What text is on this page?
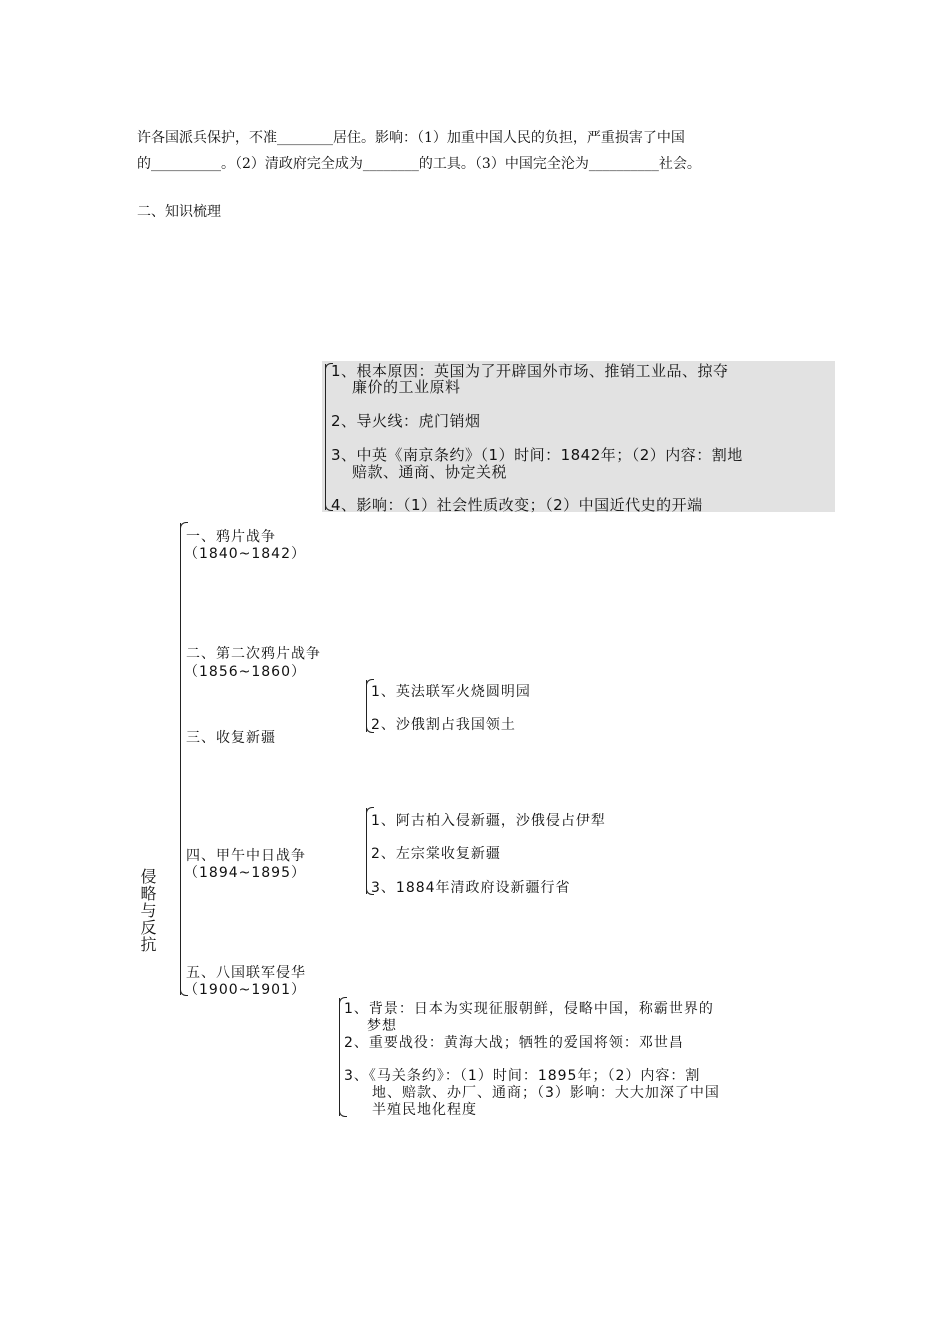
许各国派兵保护，不准________居住。影响：（1）加重中国人民的负担，严重损害了中国
的__________。（2）清政府完全成为________的工具。（3）中国完全沦为__________社会。
二、知识梳理
1、根本原因：英国为了开辟国外市场、推销工业品、掠夺
廉价的工业原料
2、导火线：虎门销烟
3、中英《南京条约》（1）时间：1842年；（2）内容：割地
赔款、通商、协定关税
4、影响：（1）社会性质改变；（2）中国近代史的开端
侵略与反抗
一、鸦片战争
（1840~1842）
二、第二次鸦片战争
（1856~1860）
1、英法联军火烧圆明园
2、沙俄割占我国领土
三、收复新疆
1、阿古柏入侵新疆，沙俄侵占伊犁
2、左宗棠收复新疆
3、1884年清政府设新疆行省
四、甲午中日战争
（1894~1895）
五、八国联军侵华
（1900~1901）
1、背景：日本为实现征服朝鲜，侵略中国，称霸世界的
梦想
2、重要战役：黄海大战；牺牲的爱国将领：邓世昌
3、《马关条约》：（1）时间：1895年；（2）内容：割
地、赔款、办厂、通商；（3）影响：大大加深了中国
半殖民地化程度
